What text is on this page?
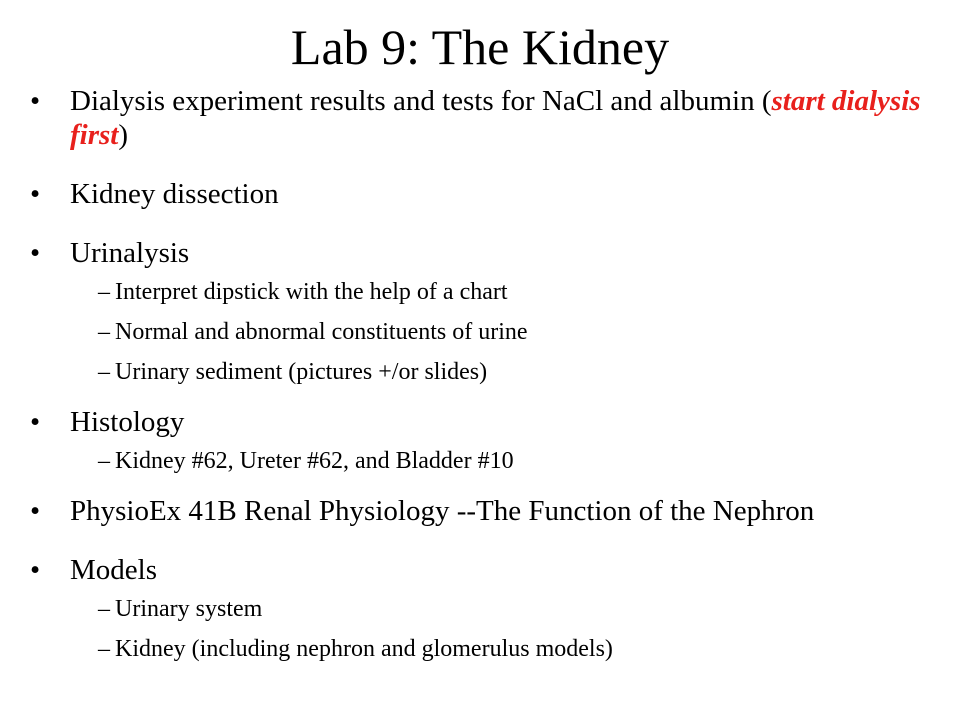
Lab 9: The Kidney
•	Dialysis experiment results and tests for NaCl and albumin (start dialysis first)
•	Kidney dissection
•	Urinalysis
– Interpret dipstick with the help of a chart
– Normal and abnormal constituents of urine
– Urinary sediment (pictures +/or slides)
•	Histology
– Kidney #62, Ureter #62, and Bladder #10
•	PhysioEx 41B Renal Physiology --The Function of the Nephron
•	Models
– Urinary system
– Kidney (including nephron and glomerulus models)
